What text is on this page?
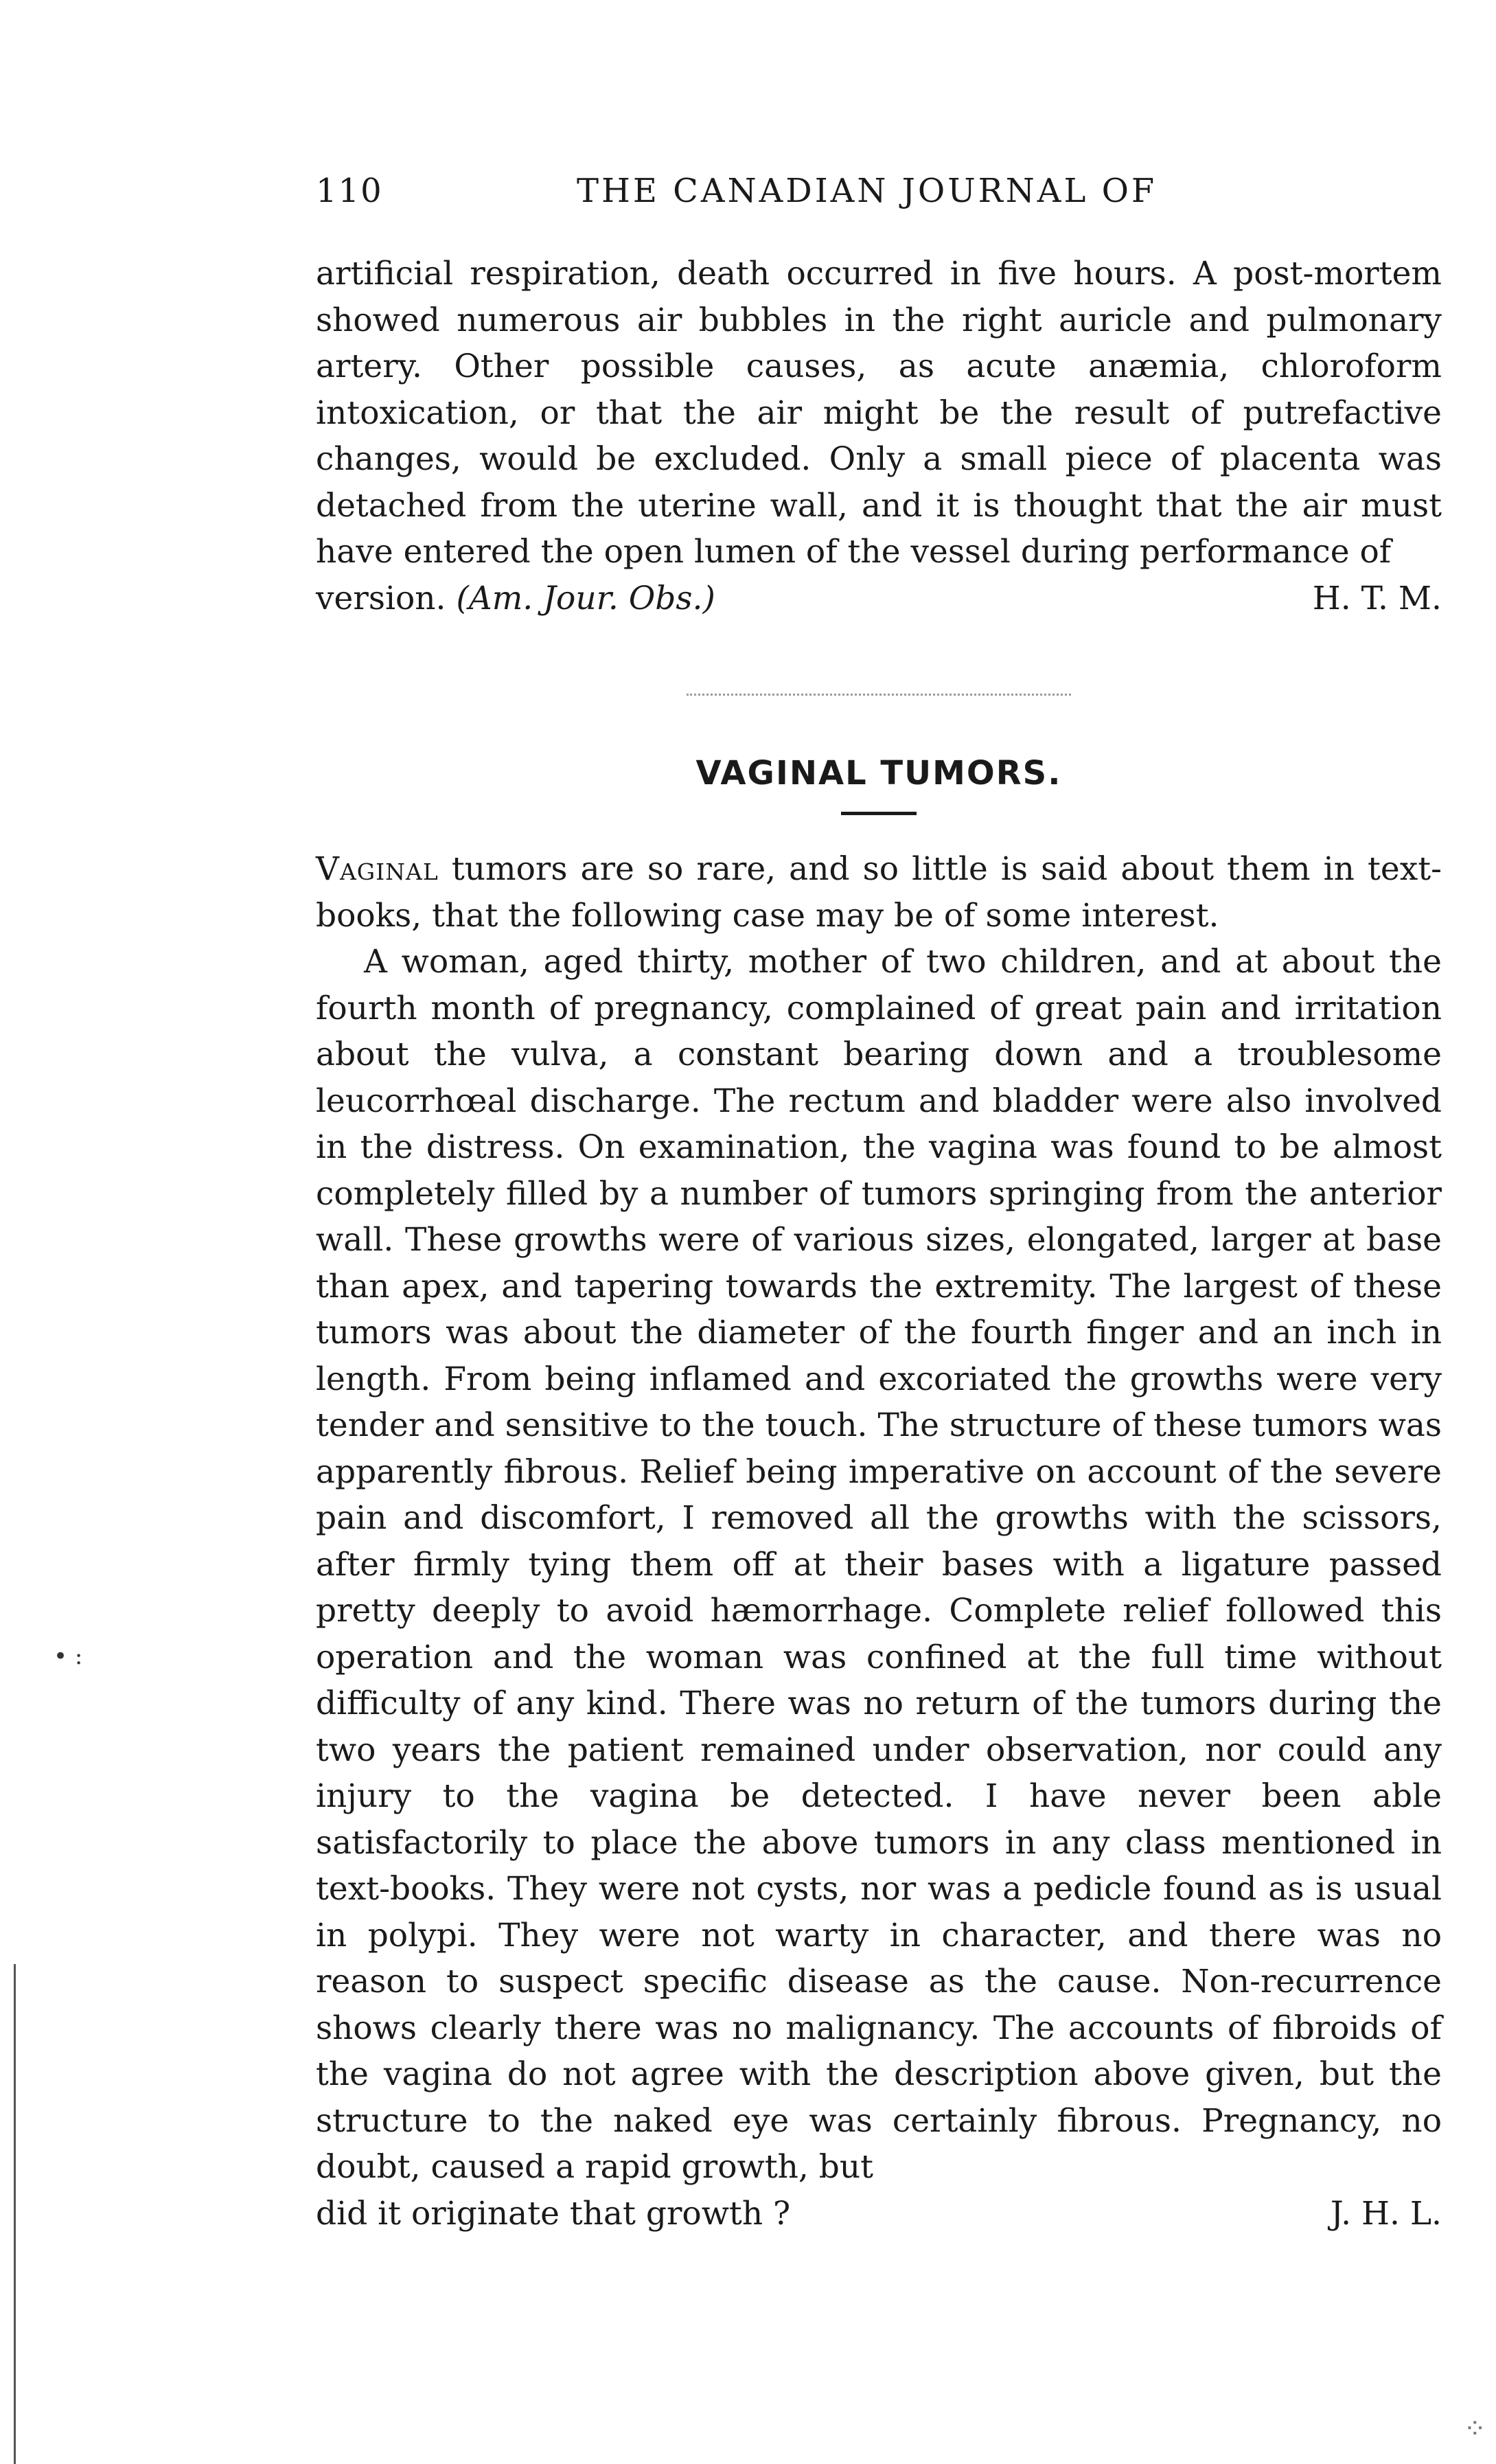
110	THE CANADIAN JOURNAL OF

artificial respiration, death occurred in five hours. A post-mortem showed numerous air bubbles in the right auricle and pulmonary artery. Other possible causes, as acute anæmia, chloroform intoxication, or that the air might be the result of putrefactive changes, would be excluded. Only a small piece of placenta was detached from the uterine wall, and it is thought that the air must have entered the open lumen of the vessel during performance of

version. (Am. Jour. Obs.)	H. T. M.
VAGINAL TUMORS.

Vaginal tumors are so rare, and so little is said about them in text-books, that the following case may be of some interest.

A woman, aged thirty, mother of two children, and at about the fourth month of pregnancy, complained of great pain and irritation about the vulva, a constant bearing down and a troublesome leucorrhœal discharge. The rectum and bladder were also involved in the distress. On examination, the vagina was found to be almost completely filled by a number of tumors springing from the anterior wall. These growths were of various sizes, elongated, larger at base than apex, and tapering towards the extremity. The largest of these tumors was about the diameter of the fourth finger and an inch in length. From being inflamed and excoriated the growths were very tender and sensitive to the touch. The structure of these tumors was apparently fibrous. Relief being imperative on account of the severe pain and discomfort, I removed all the growths with the scissors, after firmly tying them off at their bases with a ligature passed pretty deeply to avoid hæmorrhage. Complete relief followed this operation and the woman was confined at the full time without difficulty of any kind. There was no return of the tumors during the two years the patient remained under observation, nor could any injury to the vagina be detected. I have never been able satisfactorily to place the above tumors in any class mentioned in text-books. They were not cysts, nor was a pedicle found as is usual in polypi. They were not warty in character, and there was no reason to suspect specific disease as the cause. Non-recurrence shows clearly there was no malignancy. The accounts of fibroids of the vagina do not agree with the description above given, but the structure to the naked eye was certainly fibrous. Pregnancy, no doubt, caused a rapid growth, but

did it originate that growth ?	J. H. L.
• :
⁘
